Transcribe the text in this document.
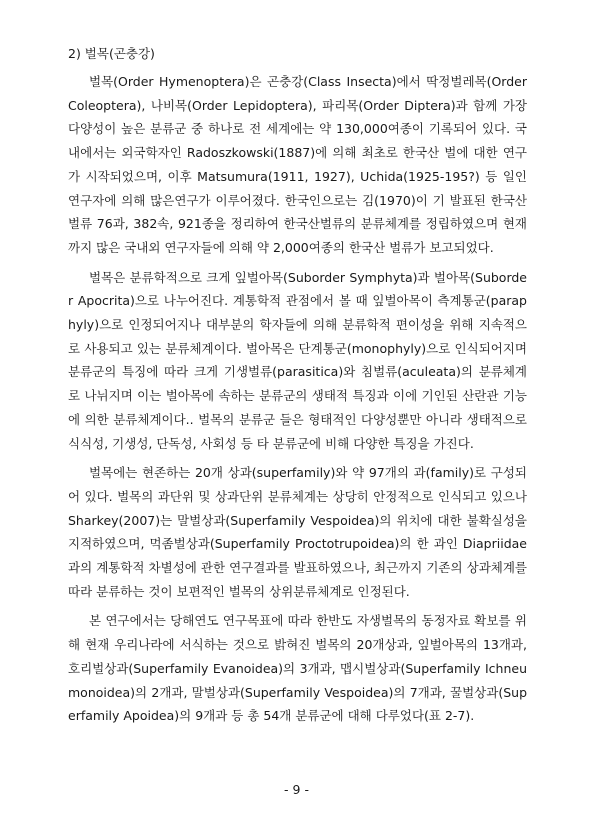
2) 벌목(곤충강)

벌목(Order Hymenoptera)은 곤충강(Class Insecta)에서 딱정벌레목(Order Coleoptera), 나비목(Order Lepidoptera), 파리목(Order Diptera)과 함께 가장 다양성이 높은 분류군 중 하나로 전 세계에는 약 130,000여종이 기록되어 있다. 국내에서는 외국학자인 Radoszkowski(1887)에 의해 최초로 한국산 벌에 대한 연구가 시작되었으며, 이후 Matsumura(1911, 1927), Uchida(1925-195?) 등 일인연구자에 의해 많은연구가 이루어졌다. 한국인으로는 김(1970)이 기 발표된 한국산 벌류 76과, 382속, 921종을 정리하여 한국산벌류의 분류체계를 정립하였으며 현재까지 많은 국내외 연구자들에 의해 약 2,000여종의 한국산 벌류가 보고되었다.

벌목은 분류학적으로 크게 잎벌아목(Suborder Symphyta)과 벌아목(Suborder Apocrita)으로 나누어진다. 계통학적 관점에서 볼 때 잎벌아목이 측계통군(paraphyly)으로 인정되어지나 대부분의 학자들에 의해 분류학적 편이성을 위해 지속적으로 사용되고 있는 분류체계이다. 벌아목은 단계통군(monophyly)으로 인식되어지며 분류군의 특징에 따라 크게 기생벌류(parasitica)와 침벌류(aculeata)의 분류체계로 나뉘지며 이는 벌아목에 속하는 분류군의 생태적 특징과 이에 기인된 산란관 기능에 의한 분류체계이다.. 벌목의 분류군 들은 형태적인 다양성뿐만 아니라 생태적으로 식식성, 기생성, 단독성, 사회성 등 타 분류군에 비해 다양한 특징을 가진다.

벌목에는 현존하는 20개 상과(superfamily)와 약 97개의 과(family)로 구성되어 있다. 벌목의 과단위 및 상과단위 분류체계는 상당히 안정적으로 인식되고 있으나 Sharkey(2007)는 말벌상과(Superfamily Vespoidea)의 위치에 대한 불확실성을 지적하였으며, 먹좀벌상과(Superfamily Proctotrupoidea)의 한 과인 Diapriidae과의 계통학적 차별성에 관한 연구결과를 발표하였으나, 최근까지 기존의 상과체계를 따라 분류하는 것이 보편적인 벌목의 상위분류체계로 인정된다.

본 연구에서는 당해연도 연구목표에 따라 한반도 자생벌목의 동정자료 확보를 위해 현재 우리나라에 서식하는 것으로 밝혀진 벌목의 20개상과, 잎벌아목의 13개과, 호리벌상과(Superfamily Evanoidea)의 3개과, 맵시벌상과(Superfamily Ichneumonoidea)의 2개과, 말벌상과(Superfamily Vespoidea)의 7개과, 꿀벌상과(Superfamily Apoidea)의 9개과 등 총 54개 분류군에 대해 다루었다(표 2-7).

- 9 -
